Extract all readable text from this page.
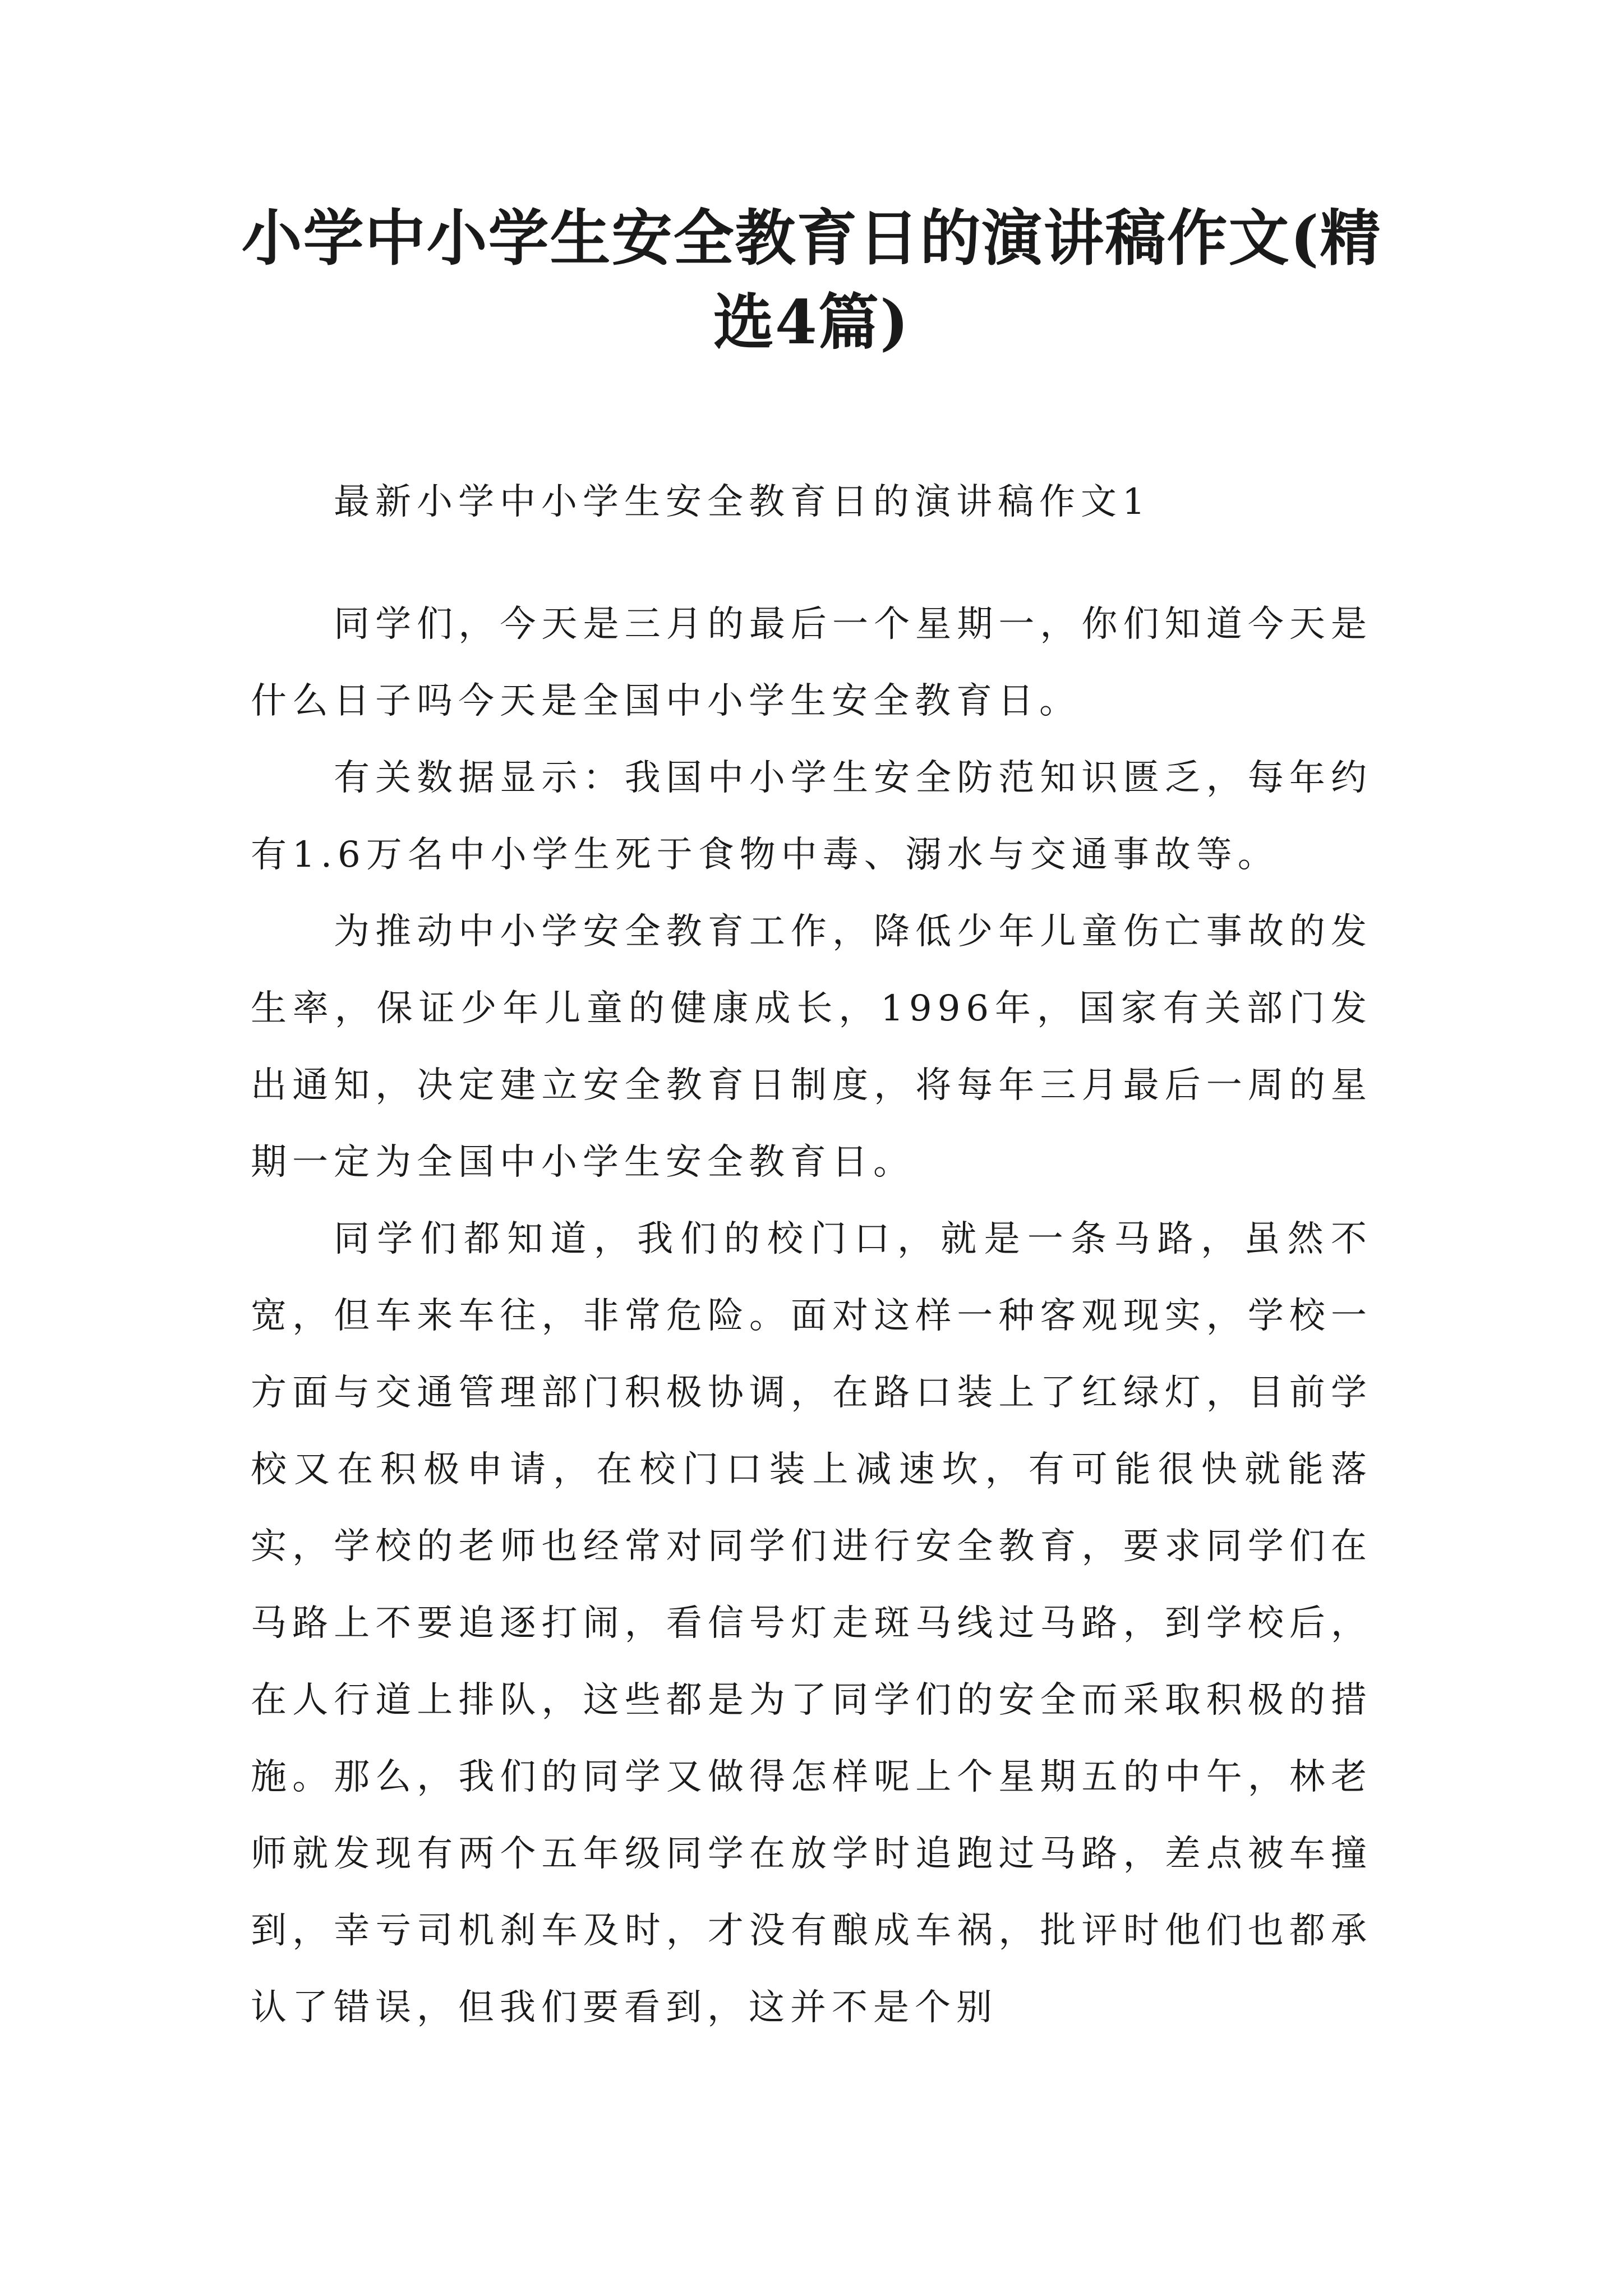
小学中小学生安全教育日的演讲稿作文(精选4篇)

最新小学中小学生安全教育日的演讲稿作文1

同学们，今天是三月的最后一个星期一，你们知道今天是什么日子吗今天是全国中小学生安全教育日。

有关数据显示：我国中小学生安全防范知识匮乏，每年约有1.6万名中小学生死于食物中毒、溺水与交通事故等。

为推动中小学安全教育工作，降低少年儿童伤亡事故的发生率，保证少年儿童的健康成长，1996年，国家有关部门发出通知，决定建立安全教育日制度，将每年三月最后一周的星期一定为全国中小学生安全教育日。

同学们都知道，我们的校门口，就是一条马路，虽然不宽，但车来车往，非常危险。面对这样一种客观现实，学校一方面与交通管理部门积极协调，在路口装上了红绿灯，目前学校又在积极申请，在校门口装上减速坎，有可能很快就能落实，学校的老师也经常对同学们进行安全教育，要求同学们在马路上不要追逐打闹，看信号灯走斑马线过马路，到学校后，在人行道上排队，这些都是为了同学们的安全而采取积极的措施。那么，我们的同学又做得怎样呢上个星期五的中午，林老师就发现有两个五年级同学在放学时追跑过马路，差点被车撞到，幸亏司机刹车及时，才没有酿成车祸，批评时他们也都承认了错误，但我们要看到，这并不是个别
